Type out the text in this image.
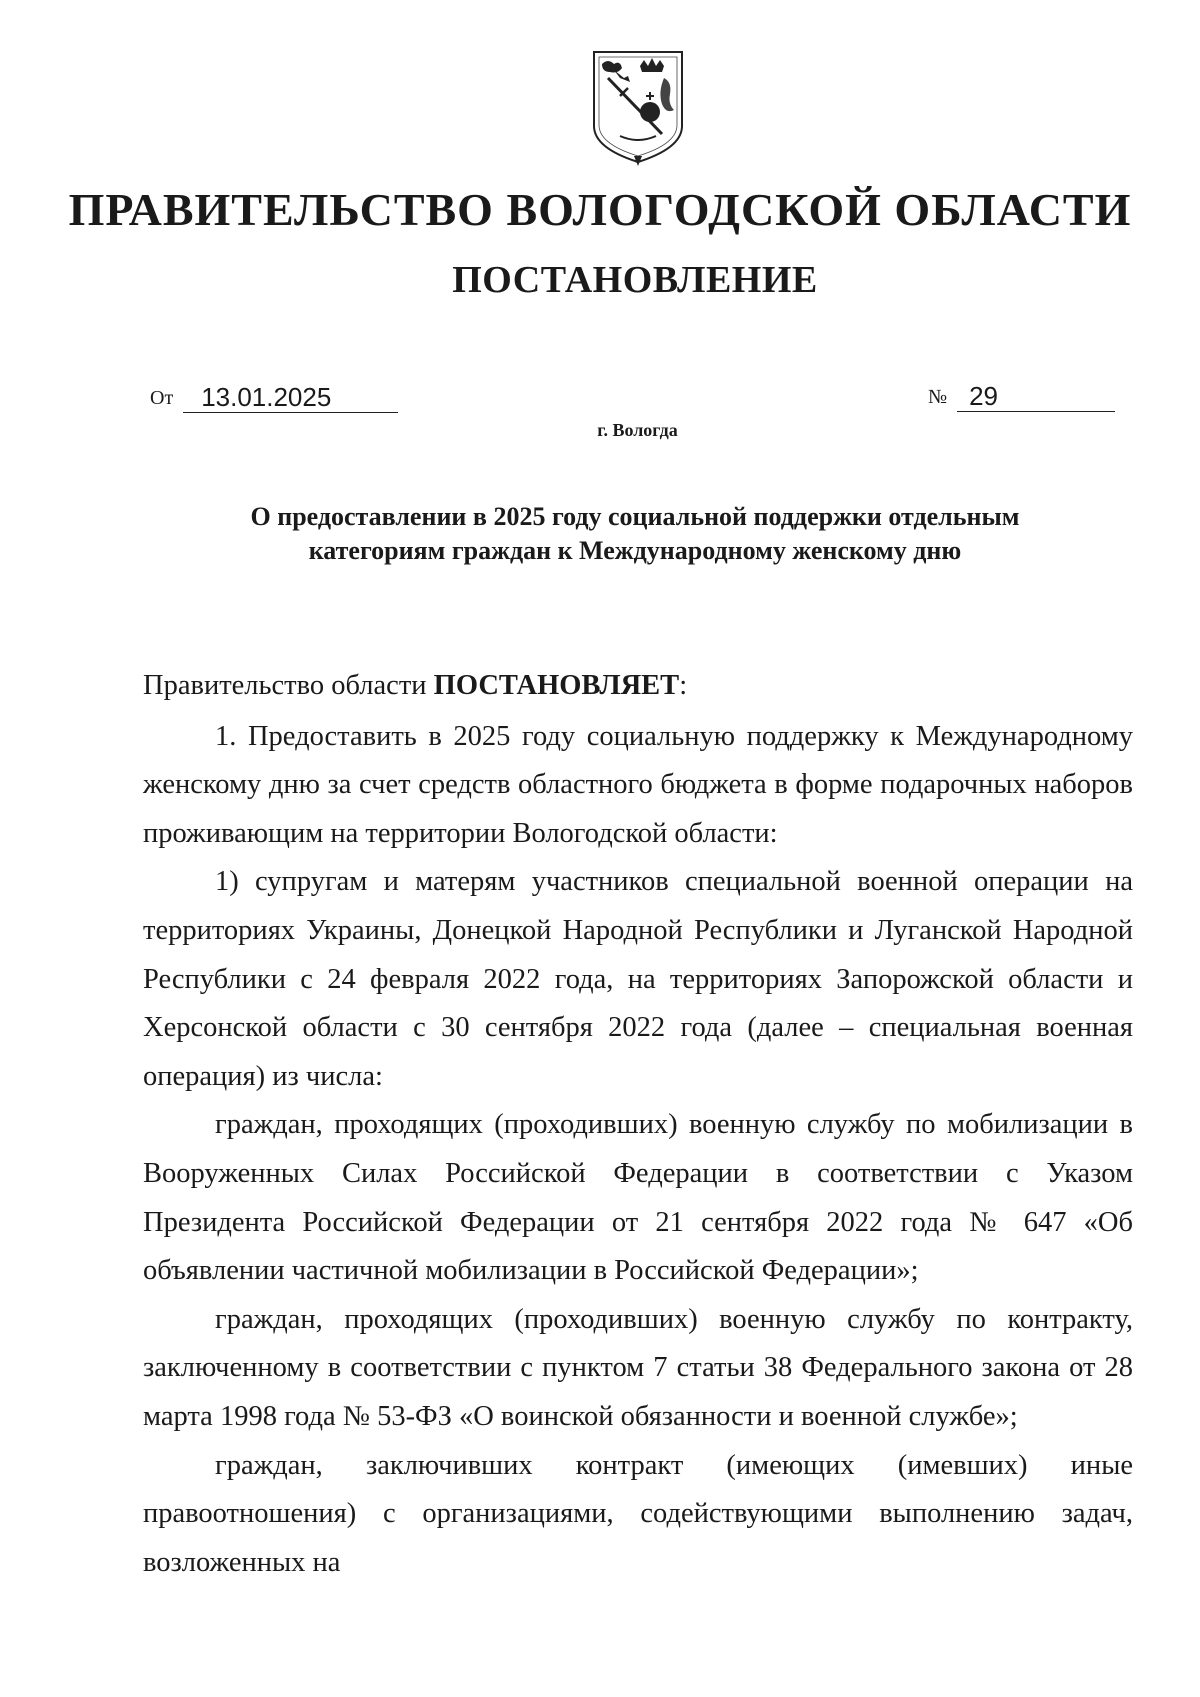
ПРАВИТЕЛЬСТВО ВОЛОГОДСКОЙ ОБЛАСТИ
ПОСТАНОВЛЕНИЕ
От 13.01.2025	№ 29
г. Вологда
О предоставлении в 2025 году социальной поддержки отдельным
категориям граждан к Международному женскому дню

Правительство области ПОСТАНОВЛЯЕТ:

1. Предоставить в 2025 году социальную поддержку к Международному женскому дню за счет средств областного бюджета в форме подарочных наборов проживающим на территории Вологодской области:

1) супругам и матерям участников специальной военной операции на территориях Украины, Донецкой Народной Республики и Луганской Народной Республики с 24 февраля 2022 года, на территориях Запорожской области и Херсонской области с 30 сентября 2022 года (далее – специальная военная операция) из числа:

граждан, проходящих (проходивших) военную службу по мобилизации в Вооруженных Силах Российской Федерации в соответствии с Указом Президента Российской Федерации от 21 сентября 2022 года № 647 «Об объявлении частичной мобилизации в Российской Федерации»;

граждан, проходящих (проходивших) военную службу по контракту, заключенному в соответствии с пунктом 7 статьи 38 Федерального закона от 28 марта 1998 года № 53-ФЗ «О воинской обязанности и военной службе»;

граждан, заключивших контракт (имеющих (имевших) иные правоотношения) с организациями, содействующими выполнению задач, возложенных на
